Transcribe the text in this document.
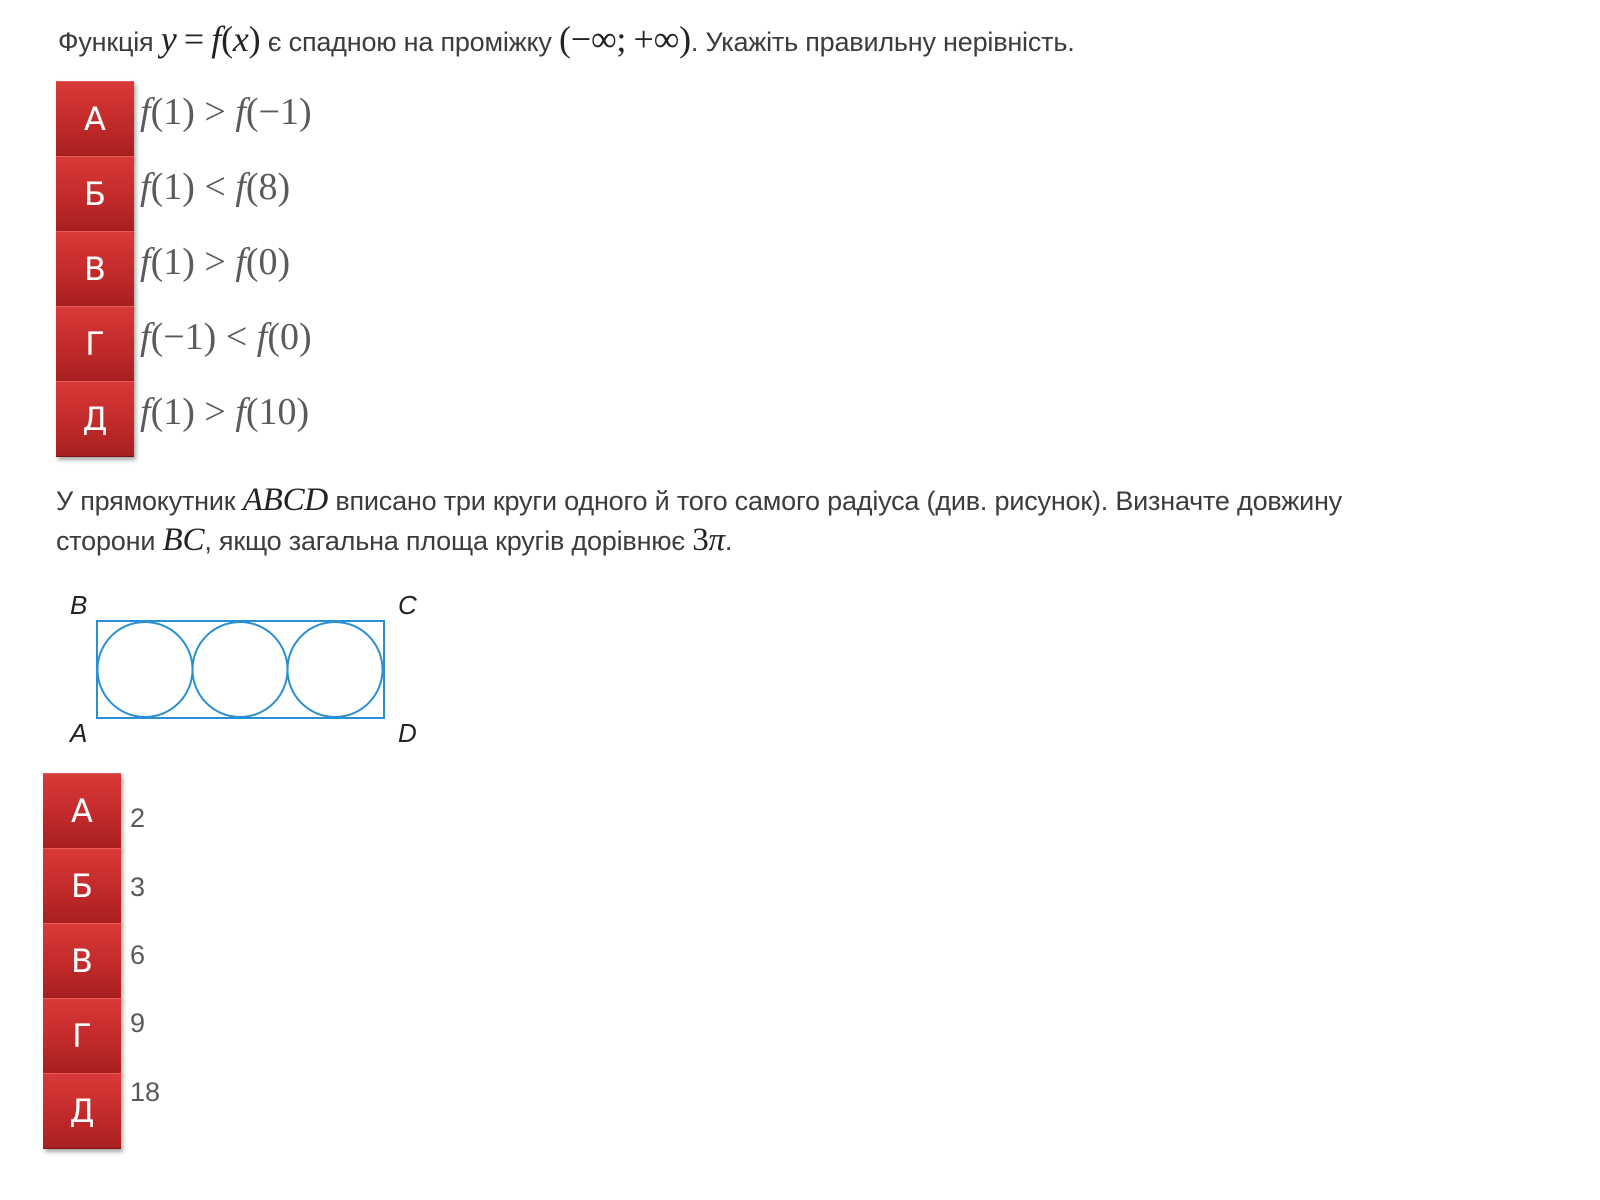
Функція y = f(x) є спадною на проміжку (−∞; +∞). Укажіть правильну нерівність.
А f(1) > f(−1)
Б f(1) < f(8)
В f(1) > f(0)
Г f(−1) < f(0)
Д f(1) > f(10)
У прямокутник ABCD вписано три круги одного й того самого радіуса (див. рисунок). Визначте довжину
сторони BC, якщо загальна площа кругів дорівнює 3π.
B	C
A	D
А 2
Б 3
В 6
Г 9
Д 18
